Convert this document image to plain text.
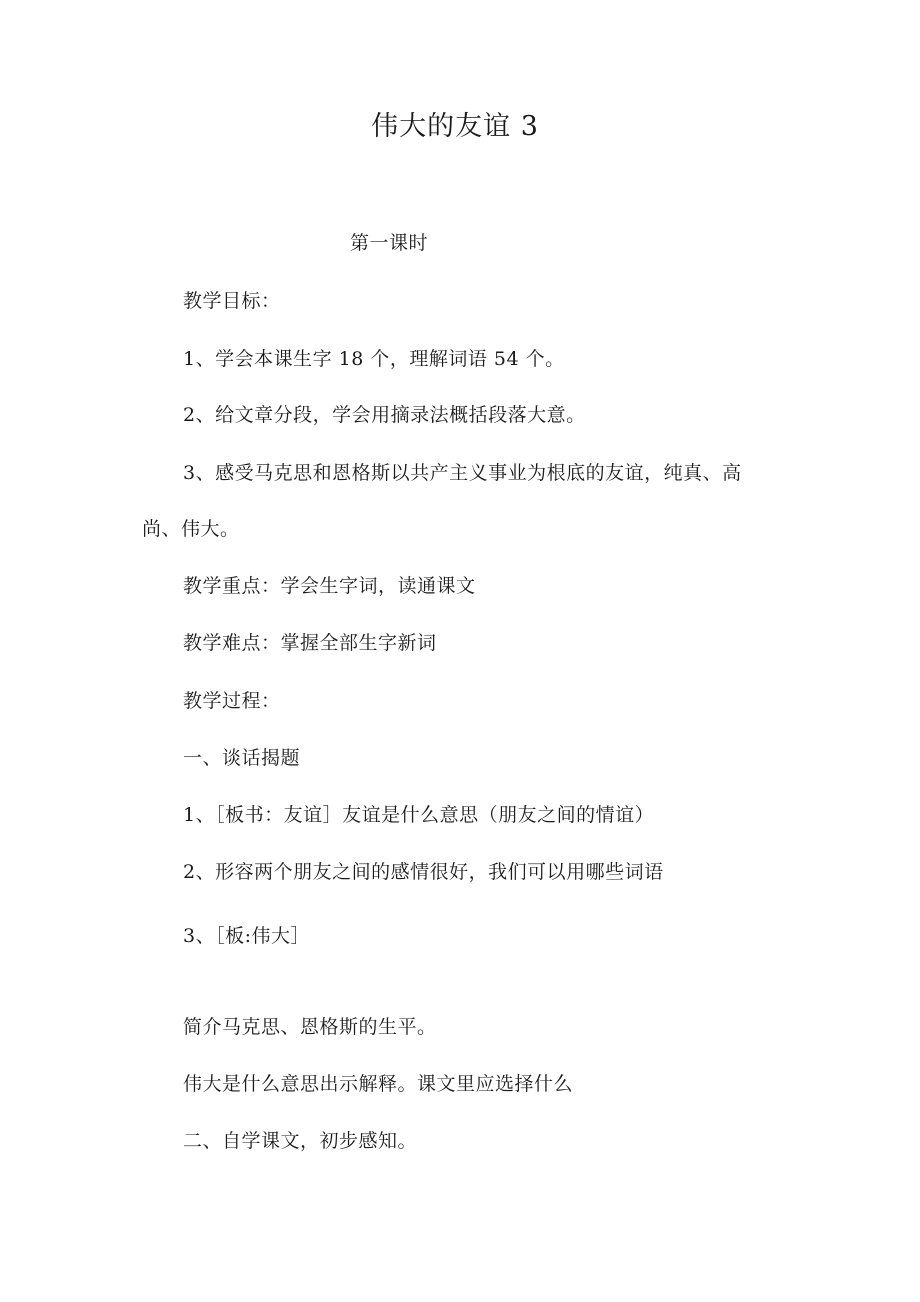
伟大的友谊 3
第一课时
教学目标：
1、学会本课生字 18 个，理解词语 54 个。
2、给文章分段，学会用摘录法概括段落大意。
3、感受马克思和恩格斯以共产主义事业为根底的友谊，纯真、高
尚、伟大。
教学重点：学会生字词，读通课文
教学难点：掌握全部生字新词
教学过程：
一、谈话揭题
1、［板书：友谊］友谊是什么意思（朋友之间的情谊）
2、形容两个朋友之间的感情很好，我们可以用哪些词语
3、［板:伟大］
简介马克思、恩格斯的生平。
伟大是什么意思出示解释。课文里应选择什么
二、自学课文，初步感知。
